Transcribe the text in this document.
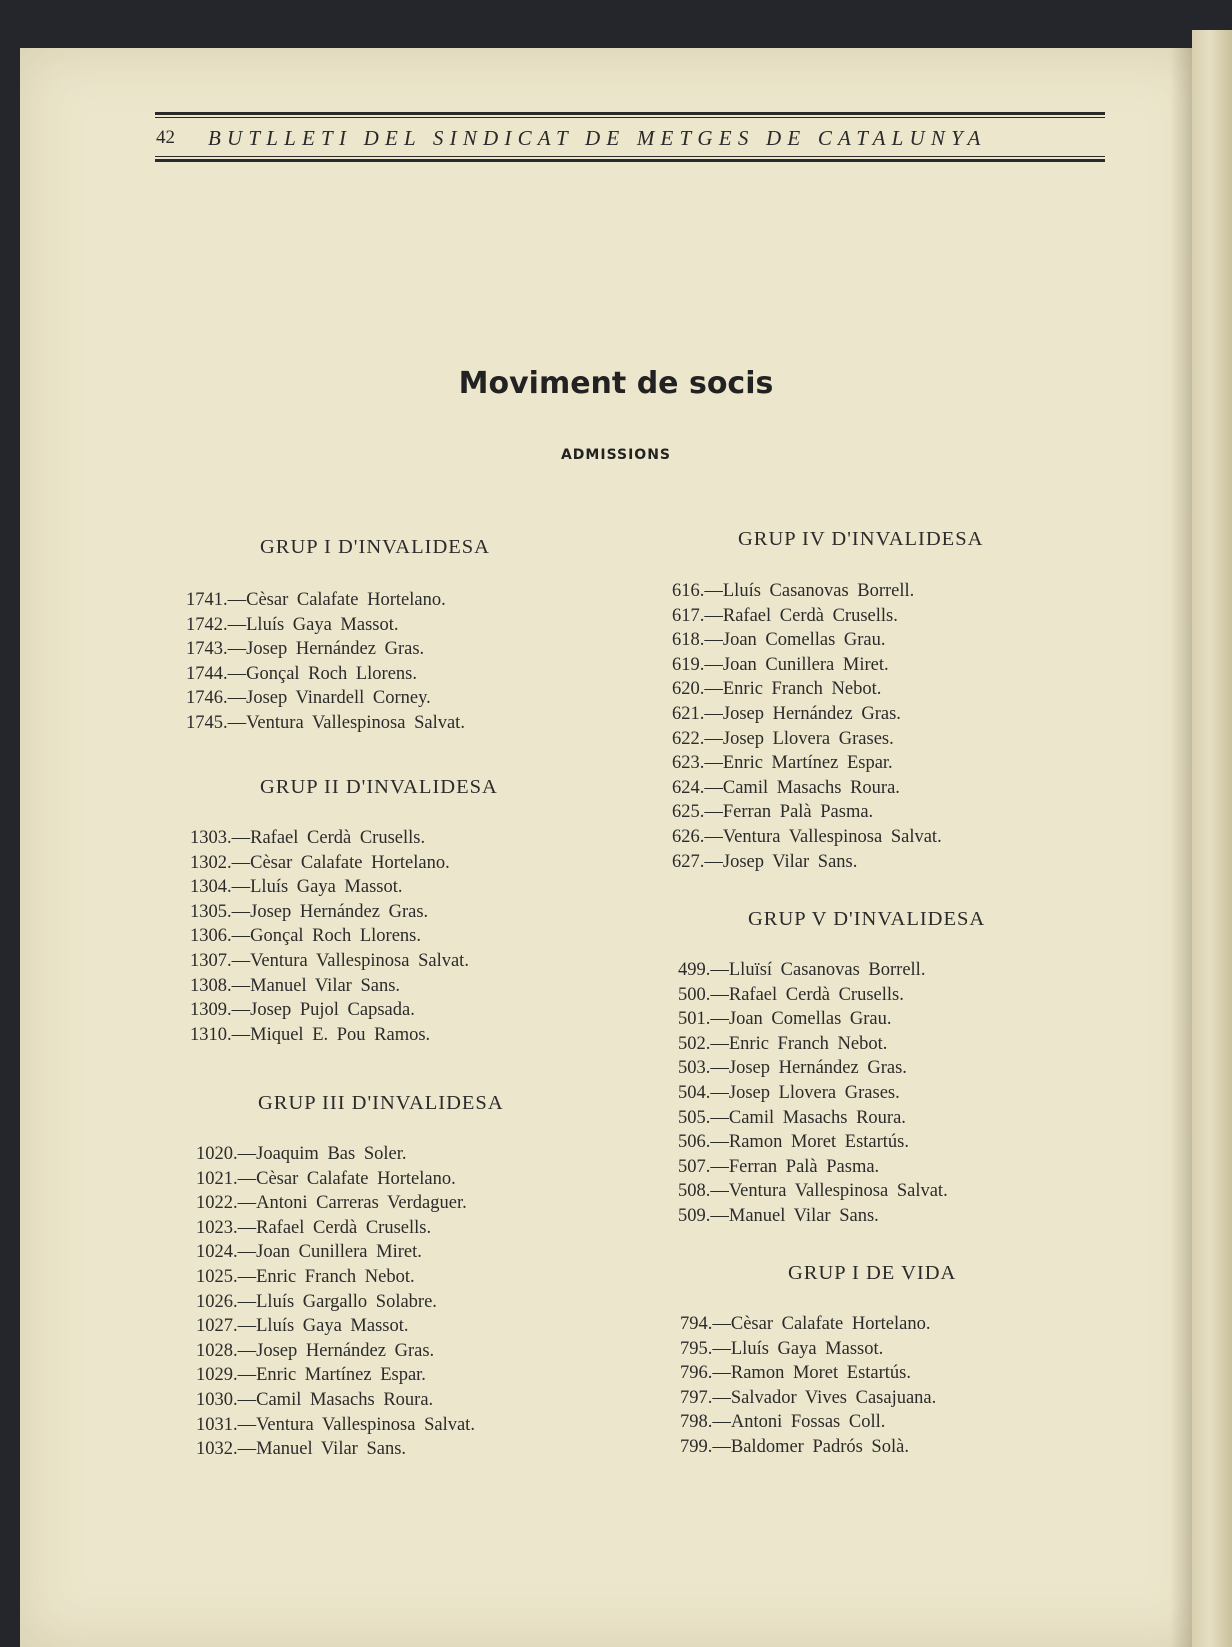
42	BUTLLETI DEL SINDICAT DE METGES DE CATALUNYA
Moviment de socis
ADMISSIONS
GRUP I D'INVALIDESA
1741.—Cèsar Calafate Hortelano.
1742.—Lluís Gaya Massot.
1743.—Josep Hernández Gras.
1744.—Gonçal Roch Llorens.
1746.—Josep Vinardell Corney.
1745.—Ventura Vallespinosa Salvat.
GRUP II D'INVALIDESA
1303.—Rafael Cerdà Crusells.
1302.—Cèsar Calafate Hortelano.
1304.—Lluís Gaya Massot.
1305.—Josep Hernández Gras.
1306.—Gonçal Roch Llorens.
1307.—Ventura Vallespinosa Salvat.
1308.—Manuel Vilar Sans.
1309.—Josep Pujol Capsada.
1310.—Miquel E. Pou Ramos.
GRUP III D'INVALIDESA
1020.—Joaquim Bas Soler.
1021.—Cèsar Calafate Hortelano.
1022.—Antoni Carreras Verdaguer.
1023.—Rafael Cerdà Crusells.
1024.—Joan Cunillera Miret.
1025.—Enric Franch Nebot.
1026.—Lluís Gargallo Solabre.
1027.—Lluís Gaya Massot.
1028.—Josep Hernández Gras.
1029.—Enric Martínez Espar.
1030.—Camil Masachs Roura.
1031.—Ventura Vallespinosa Salvat.
1032.—Manuel Vilar Sans.
GRUP IV D'INVALIDESA
616.—Lluís Casanovas Borrell.
617.—Rafael Cerdà Crusells.
618.—Joan Comellas Grau.
619.—Joan Cunillera Miret.
620.—Enric Franch Nebot.
621.—Josep Hernández Gras.
622.—Josep Llovera Grases.
623.—Enric Martínez Espar.
624.—Camil Masachs Roura.
625.—Ferran Palà Pasma.
626.—Ventura Vallespinosa Salvat.
627.—Josep Vilar Sans.
GRUP V D'INVALIDESA
499.—Lluïsí Casanovas Borrell.
500.—Rafael Cerdà Crusells.
501.—Joan Comellas Grau.
502.—Enric Franch Nebot.
503.—Josep Hernández Gras.
504.—Josep Llovera Grases.
505.—Camil Masachs Roura.
506.—Ramon Moret Estartús.
507.—Ferran Palà Pasma.
508.—Ventura Vallespinosa Salvat.
509.—Manuel Vilar Sans.
GRUP I DE VIDA
794.—Cèsar Calafate Hortelano.
795.—Lluís Gaya Massot.
796.—Ramon Moret Estartús.
797.—Salvador Vives Casajuana.
798.—Antoni Fossas Coll.
799.—Baldomer Padrós Solà.
